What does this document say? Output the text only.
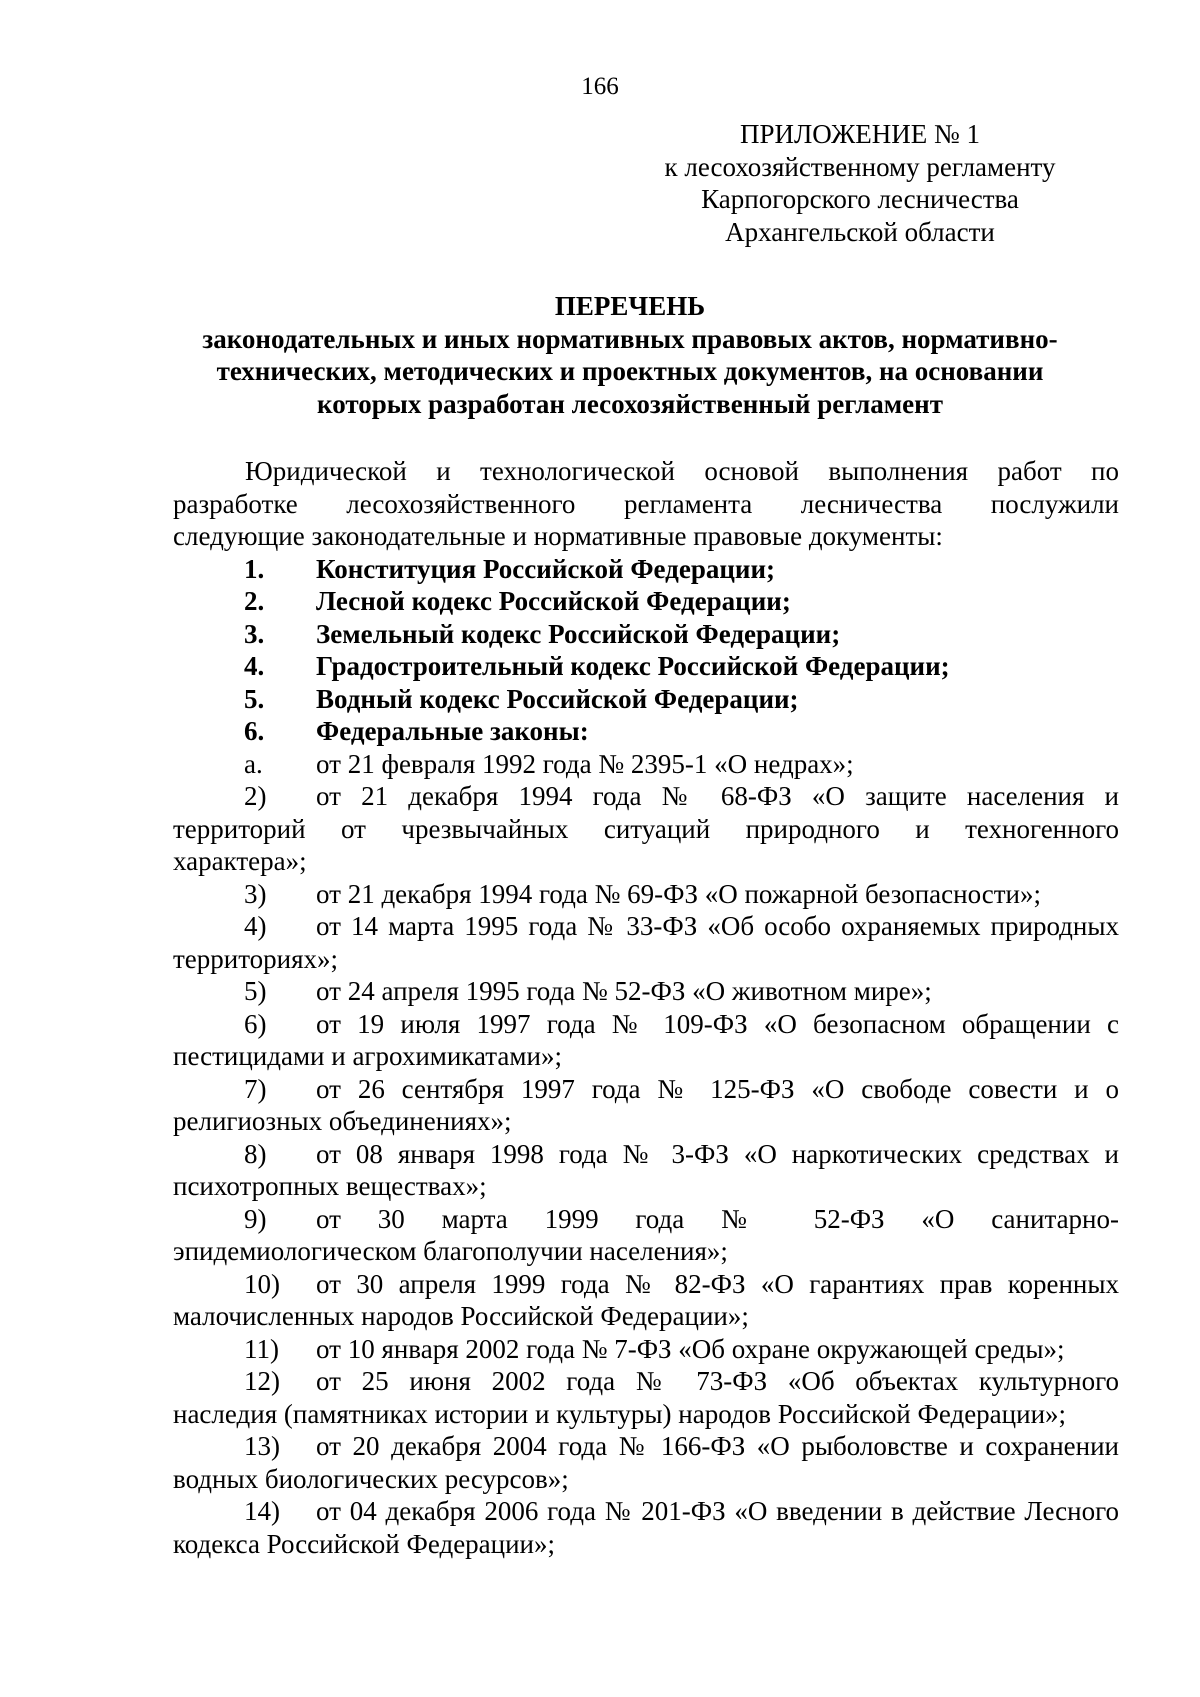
166
ПРИЛОЖЕНИЕ № 1
к лесохозяйственному регламенту
Карпогорского лесничества
Архангельской области
ПЕРЕЧЕНЬ
законодательных и иных нормативных правовых актов, нормативно-
технических, методических и проектных документов, на основании
которых разработан лесохозяйственный регламент
Юридической и технологической основой выполнения работ по
разработке лесохозяйственного регламента лесничества послужили
следующие законодательные и нормативные правовые документы:
1.	Конституция Российской Федерации;
2.	Лесной кодекс Российской Федерации;
3.	Земельный кодекс Российской Федерации;
4.	Градостроительный кодекс Российской Федерации;
5.	Водный кодекс Российской Федерации;
6.	Федеральные законы:
а.	от 21 февраля 1992 года № 2395-1 «О недрах»;
2)	от 21 декабря 1994 года № 68-ФЗ «О защите населения и
территорий от чрезвычайных ситуаций природного и техногенного
характера»;
3)	от 21 декабря 1994 года № 69-ФЗ «О пожарной безопасности»;
4)	от 14 марта 1995 года № 33-ФЗ «Об особо охраняемых природных
территориях»;
5)	от 24 апреля 1995 года № 52-ФЗ «О животном мире»;
6)	от 19 июля 1997 года № 109-ФЗ «О безопасном обращении с
пестицидами и агрохимикатами»;
7)	от 26 сентября 1997 года № 125-ФЗ «О свободе совести и о
религиозных объединениях»;
8)	от 08 января 1998 года № 3-ФЗ «О наркотических средствах и
психотропных веществах»;
9)	от 30 марта 1999 года № 52-ФЗ «О санитарно-
эпидемиологическом благополучии населения»;
10)	от 30 апреля 1999 года № 82-ФЗ «О гарантиях прав коренных
малочисленных народов Российской Федерации»;
11)	от 10 января 2002 года № 7-ФЗ «Об охране окружающей среды»;
12)	от 25 июня 2002 года № 73-ФЗ «Об объектах культурного
наследия (памятниках истории и культуры) народов Российской Федерации»;
13)	от 20 декабря 2004 года № 166-ФЗ «О рыболовстве и сохранении
водных биологических ресурсов»;
14)	от 04 декабря 2006 года № 201-ФЗ «О введении в действие Лесного
кодекса Российской Федерации»;
